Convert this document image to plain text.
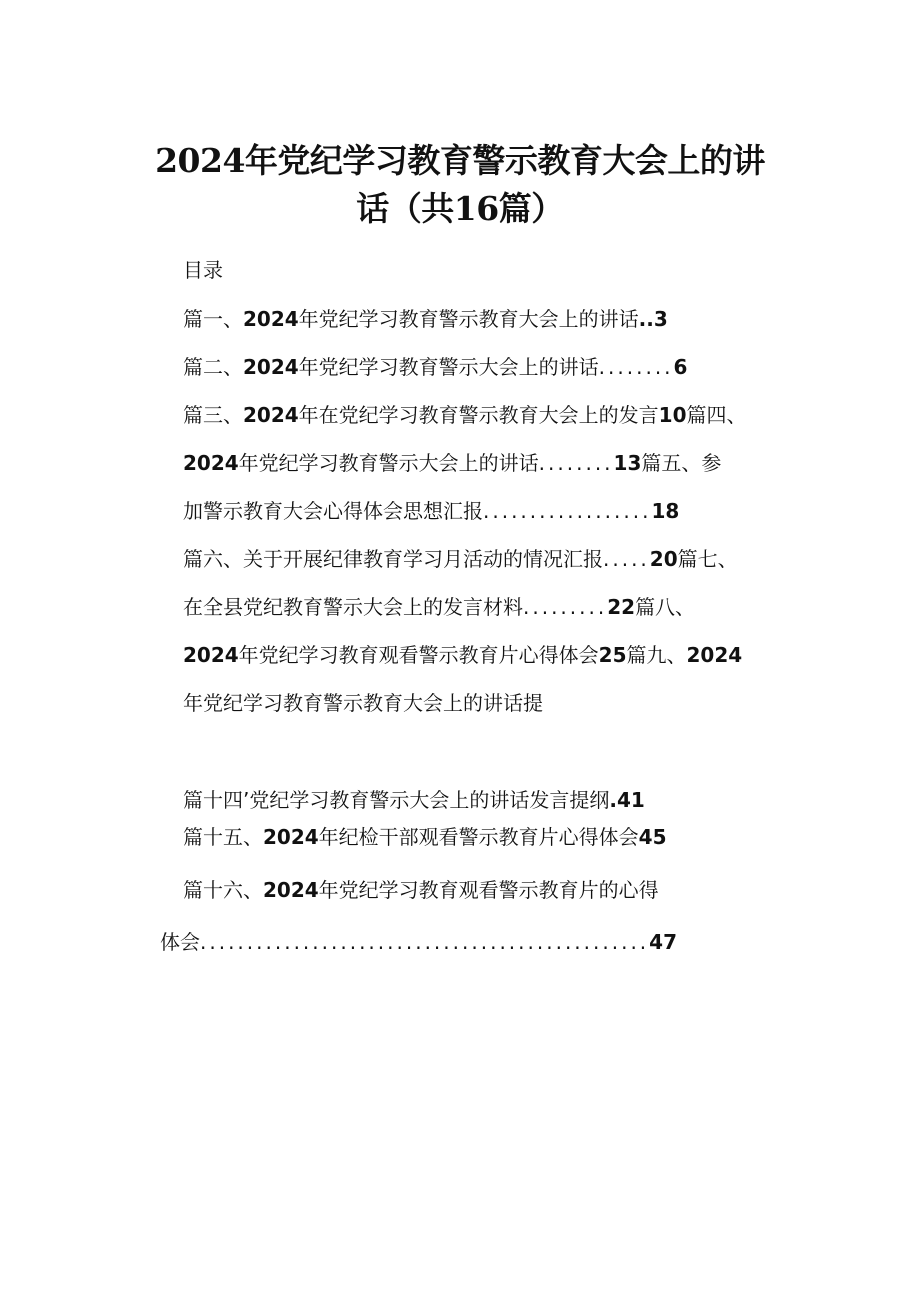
2024年党纪学习教育警示教育大会上的讲
话（共16篇）
目录
篇一、2024年党纪学习教育警示教育大会上的讲话..3
篇二、2024年党纪学习教育警示大会上的讲话........6
篇三、2024年在党纪学习教育警示教育大会上的发言10篇四、
2024年党纪学习教育警示大会上的讲话........13篇五、参
加警示教育大会心得体会思想汇报..................18
篇六、关于开展纪律教育学习月活动的情况汇报.....20篇七、
在全县党纪教育警示大会上的发言材料.........22篇八、
2024年党纪学习教育观看警示教育片心得体会25篇九、2024
年党纪学习教育警示教育大会上的讲话提
篇十四’党纪学习教育警示大会上的讲话发言提纲.41
篇十五、2024年纪检干部观看警示教育片心得体会45
篇十六、2024年党纪学习教育观看警示教育片的心得
体会................................................47
